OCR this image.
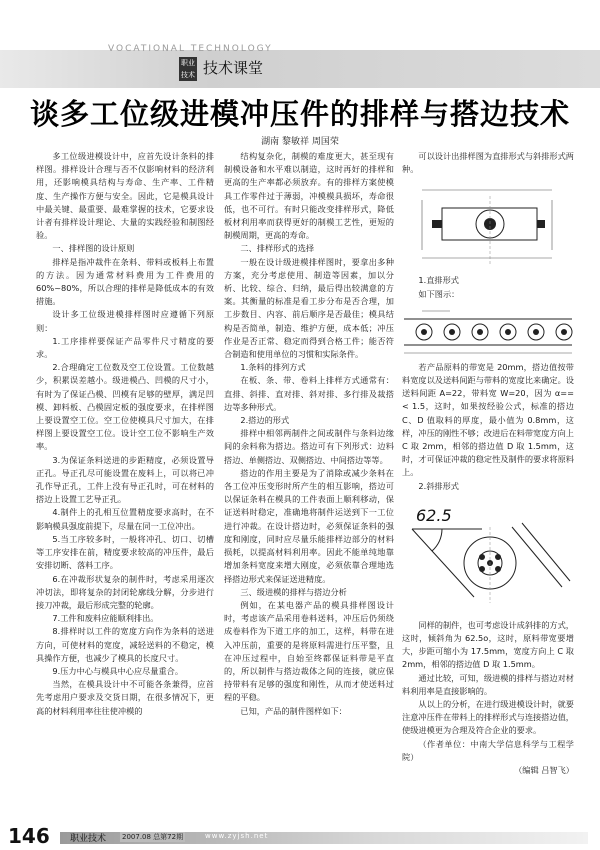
VOCATIONAL TECHNOLOGY
职业技术 技术课堂
谈多工位级进模冲压件的排样与搭边技术
湖南 黎敏祥 周国荣

多工位级进模设计中，应首先设计条料的排样图。排样设计合理与否不仅影响材料的经济利用，还影响模具结构与寿命、生产率、工件精度、生产操作方便与安全。因此，它是模具设计中最关键、最重要、最难掌握的技术，它要求设计者有排样设计理论、大量的实践经验和制图经验。

一、排样图的设计原则

排样是指冲裁件在条料、带料或板料上布置的方法。因为通常材料费用为工件费用的 60%~80%，所以合理的排样是降低成本的有效措施。

设计多工位级进模排样图时应遵循下列原则：

1.工序排样要保证产品零件尺寸精度的要求。

2.合理确定工位数及空工位设置。工位数越少，积累误差越小。级进模凸、凹模的尺寸小，有时为了保证凸模、凹模有足够的壁厚，满足凹模、卸料板、凸模固定板的强度要求，在排样图上要设置空工位。空工位使模具尺寸加大，在排样图上要设置空工位。设计空工位不影响生产效率。

3.为保证条料送进的步距精度，必须设置导正孔。导正孔尽可能设置在废料上，可以将已冲孔作导正孔，工件上没有导正孔时，可在材料的搭边上设置工艺导正孔。

4.制件上的孔相互位置精度要求高时，在不影响模具强度前提下，尽量在同一工位冲出。

5.当工序较多时，一般将冲孔、切口、切槽等工序安排在前，精度要求较高的冲压件，最后安排切断、落料工序。

6.在冲裁形状复杂的制件时，考虑采用逐次冲切法，即将复杂的封闭轮廓线分解，分步进行接刀冲裁，最后形成完整的轮廓。

7.工件和废料应能顺利排出。

8.排样时以工件的宽度方向作为条料的送进方向，可使材料的宽度，减轻送料的不稳定，模具操作方便，也减少了模具的长度尺寸。

9.压力中心与模具中心应尽量重合。

当然，在模具设计中不可能各条兼得，应首先考虑用户要求及交货日期，在很多情况下，更高的材料利用率往往使冲模的

结构复杂化，制模的难度更大，甚至现有制模设备和水平难以制造，这时再好的排样和更高的生产率都必须放弃。有的排样方案使模具工作零件过于薄弱，冲模模具损坏，寿命很低，也不可行。有时只能改变排样形式，降低板材利用率而获得更好的制模工艺性，更短的制模周期，更高的寿命。

二、排样形式的选择

一般在设计级进模排样图时，要拿出多种方案，充分考虑使用、制造等因素，加以分析、比较、综合、归纳，最后得出较满意的方案。其衡量的标准是看工步分布是否合理，加工步数目、内容、前后顺序是否最佳；模具结构是否简单，制造、维护方便，成本低；冲压作业是否正常、稳定而得到合格工件；能否符合制造和使用单位的习惯和实际条件。

1.条料的排列方式

在板、条、带、卷料上排样方式通常有：直排、斜排、直对排、斜对排、多行排及裁搭边等多种形式。

2.搭边的形式

排样中相邻两制件之间或制件与条料边缘间的余料称为搭边。搭边可有下列形式：边料搭边、单侧搭边、双侧搭边、中间搭边等等。

搭边的作用主要是为了消除或减少条料在各工位冲压变形时所产生的相互影响，搭边可以保证条料在模具的工件表面上顺利移动，保证送料时稳定，准确地将制件运送到下一工位进行冲裁。在设计搭边时，必须保证条料的强度和刚度，同时应尽量乐能排样边部分的材料损耗，以提高材料利用率。因此不能单纯地靠增加条料宽度来增大刚度，必须依靠合理地选择搭边形式来保证送进精度。

三、级进模的排样与搭边分析

例如，在某电器产品的模具排样图设计时，考虑该产品采用卷料送料，冲压后仍须绕成卷料作为下道工序的加工，这样，料带在进入冲压前，重要的是将原料需进行压平整，且在冲压过程中，自始至终都保证料带是平直的，所以制件与搭边裁体之间的连接，就应保持带料有足够的强度和刚性，从而才使送料过程的平稳。

已知，产品的制件图样如下：

可以设计出排样图为直排形式与斜排形式两种。

1.直排形式

如下图示：

若产品原料的带宽是 20mm，搭边值按带料宽度以及送料间距与带料的宽度比来确定。设送料间距 A=22，带料宽 W=20，因为 α==< 1.5，这时，如果按经验公式，标准的搭边 C、D 值取料的厚度，最小值为 0.8mm，这样，冲压的刚性不够；改进后在料带宽度方向上 C 取 2mm，相邻的搭边值 D 取 1.5mm，这时，才可保证冲裁的稳定性及制件的要求将原料上。

2.斜排形式

62.5

同样的制件，也可考虑设计成斜排的方式，这时，倾斜角为 62.5o，这时，原料带宽要增大，步距可缩小为 17.5mm，宽度方向上 C 取 2mm，相邻的搭边值 D 取 1.5mm。

通过比较，可知，级进模的排样与搭边对材料利用率是直接影响的。

从以上的分析，在进行级进模设计时，就要注意冲压件在带料上的排样形式与连接搭边值，使级进模更为合理及符合企业的要求。

（作者单位：中南大学信息科学与工程学院）

（编辑 吕智飞）

146 职业技术 2007.08 总第72期	www.zyjsh.net
